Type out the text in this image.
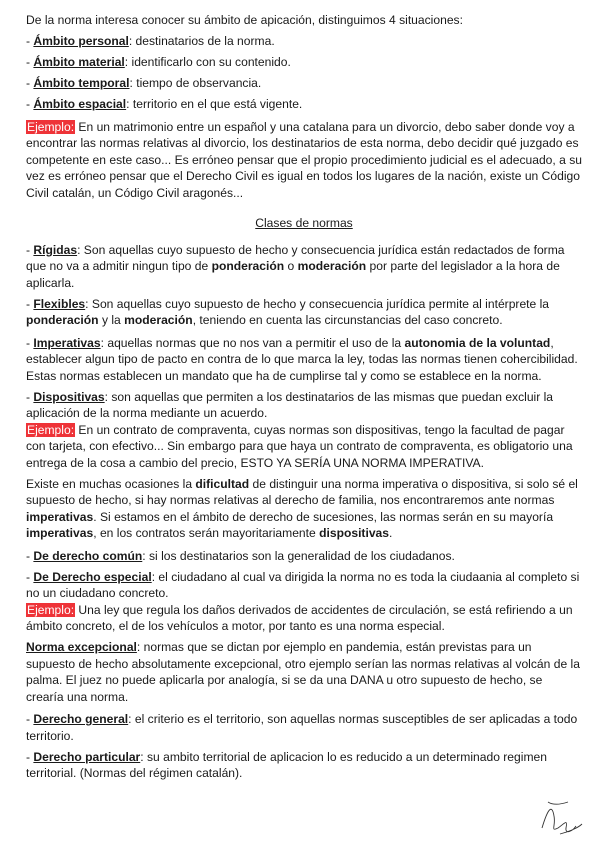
De la norma interesa conocer su ámbito de apicación, distinguimos 4 situaciones:

- Ámbito personal: destinatarios de la norma.

- Ámbito material: identificarlo con su contenido.

- Ámbito temporal: tiempo de observancia.

- Ámbito espacial: territorio en el que está vigente.

Ejemplo: En un matrimonio entre un español y una catalana para un divorcio, debo saber donde voy a encontrar las normas relativas al divorcio, los destinatarios de esta norma, debo decidir qué juzgado es competente en este caso... Es erróneo pensar que el propio procedimiento judicial es el adecuado, a su vez es erróneo pensar que el Derecho Civil es igual en todos los lugares de la nación, existe un Código Civil catalán, un Código Civil aragonés...

Clases de normas

- Rígidas: Son aquellas cuyo supuesto de hecho y consecuencia jurídica están redactados de forma que no va a admitir ningun tipo de ponderación o moderación por parte del legislador a la hora de aplicarla.

- Flexibles: Son aquellas cuyo supuesto de hecho y consecuencia jurídica permite al intérprete la ponderación y la moderación, teniendo en cuenta las circunstancias del caso concreto.

- Imperativas: aquellas normas que no nos van a permitir el uso de la autonomia de la voluntad, establecer algun tipo de pacto en contra de lo que marca la ley, todas las normas tienen cohercibilidad. Estas normas establecen un mandato que ha de cumplirse tal y como se establece en la norma.

- Dispositivas: son aquellas que permiten a los destinatarios de las mismas que puedan excluir la aplicación de la norma mediante un acuerdo.

Ejemplo: En un contrato de compraventa, cuyas normas son dispositivas, tengo la facultad de pagar con tarjeta, con efectivo... Sin embargo para que haya un contrato de compraventa, es obligatorio una entrega de la cosa a cambio del precio, ESTO YA SERÍA UNA NORMA IMPERATIVA.

Existe en muchas ocasiones la dificultad de distinguir una norma imperativa o dispositiva, si solo sé el supuesto de hecho, si hay normas relativas al derecho de familia, nos encontraremos ante normas imperativas. Si estamos en el ámbito de derecho de sucesiones, las normas serán en su mayoría imperativas, en los contratos serán mayoritariamente dispositivas.

- De derecho común: si los destinatarios son la generalidad de los ciudadanos.

- De Derecho especial: el ciudadano al cual va dirigida la norma no es toda la ciudaania al completo si no un ciudadano concreto.

Ejemplo: Una ley que regula los daños derivados de accidentes de circulación, se está refiriendo a un ámbito concreto, el de los vehículos a motor, por tanto es una norma especial.

Norma excepcional: normas que se dictan por ejemplo en pandemia, están previstas para un supuesto de hecho absolutamente excepcional, otro ejemplo serían las normas relativas al volcán de la palma. El juez no puede aplicarla por analogía, si se da una DANA u otro supuesto de hecho, se crearía una norma.

- Derecho general: el criterio es el territorio, son aquellas normas susceptibles de ser aplicadas a todo territorio.

- Derecho particular: su ambito territorial de aplicacion lo es reducido a un determinado regimen territorial. (Normas del régimen catalán).
